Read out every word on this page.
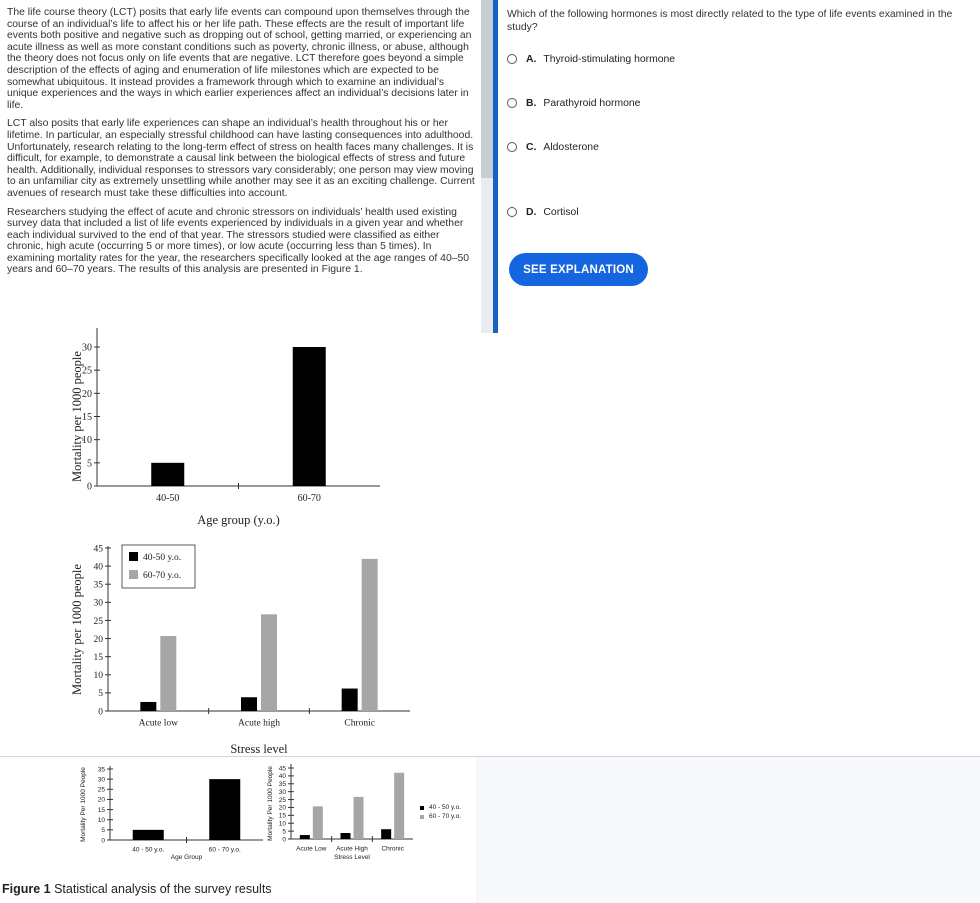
The life course theory (LCT) posits that early life events can compound upon themselves through the course of an individual’s life to affect his or her life path. These effects are the result of important life events both positive and negative such as dropping out of school, getting married, or experiencing an acute illness as well as more constant conditions such as poverty, chronic illness, or abuse, although the theory does not focus only on life events that are negative. LCT therefore goes beyond a simple description of the effects of aging and enumeration of life milestones which are expected to be somewhat ubiquitous. It instead provides a framework through which to examine an individual’s unique experiences and the ways in which earlier experiences affect an individual’s decisions later in life.

LCT also posits that early life experiences can shape an individual’s health throughout his or her lifetime. In particular, an especially stressful childhood can have lasting consequences into adulthood. Unfortunately, research relating to the long-term effect of stress on health faces many challenges. It is difficult, for example, to demonstrate a causal link between the biological effects of stress and future health. Additionally, individual responses to stressors vary considerably; one person may view moving to an unfamiliar city as extremely unsettling while another may see it as an exciting challenge. Current avenues of research must take these difficulties into account.

Researchers studying the effect of acute and chronic stressors on individuals’ health used existing survey data that included a list of life events experienced by individuals in a given year and whether each individual survived to the end of that year. The stressors studied were classified as either chronic, high acute (occurring 5 or more times), or low acute (occurring less than 5 times). In examining mortality rates for the year, the researchers specifically looked at the age ranges of 40–50 years and 60–70 years. The results of this analysis are presented in Figure 1.

0
5
10
15
20
25
30
Mortality per 1000 people
40-50	60-70
Age group (y.o.)
0
5
10
15
20
25
30
35
40
45
Mortality per 1000 people
Acute low	Acute high	Chronic
Stress level
40-50 y.o.
60-70 y.o.
0
5
10
15
20
25
30
35
Mortality Per 1000 People
40 - 50 y.o.	60 - 70 y.o.
Age Group
0
5
10
15
20
25
30
35
40
45
Mortality Per 1000 People
Acute Low Acute High Chronic
Stress Level
40 - 50 y.o.
60 - 70 y.o.
Figure 1 Statistical analysis of the survey results
Which of the following hormones is most directly related to the type of life events examined in the study?
A. Thyroid-stimulating hormone
B. Parathyroid hormone
C. Aldosterone
D. Cortisol
SEE EXPLANATION
